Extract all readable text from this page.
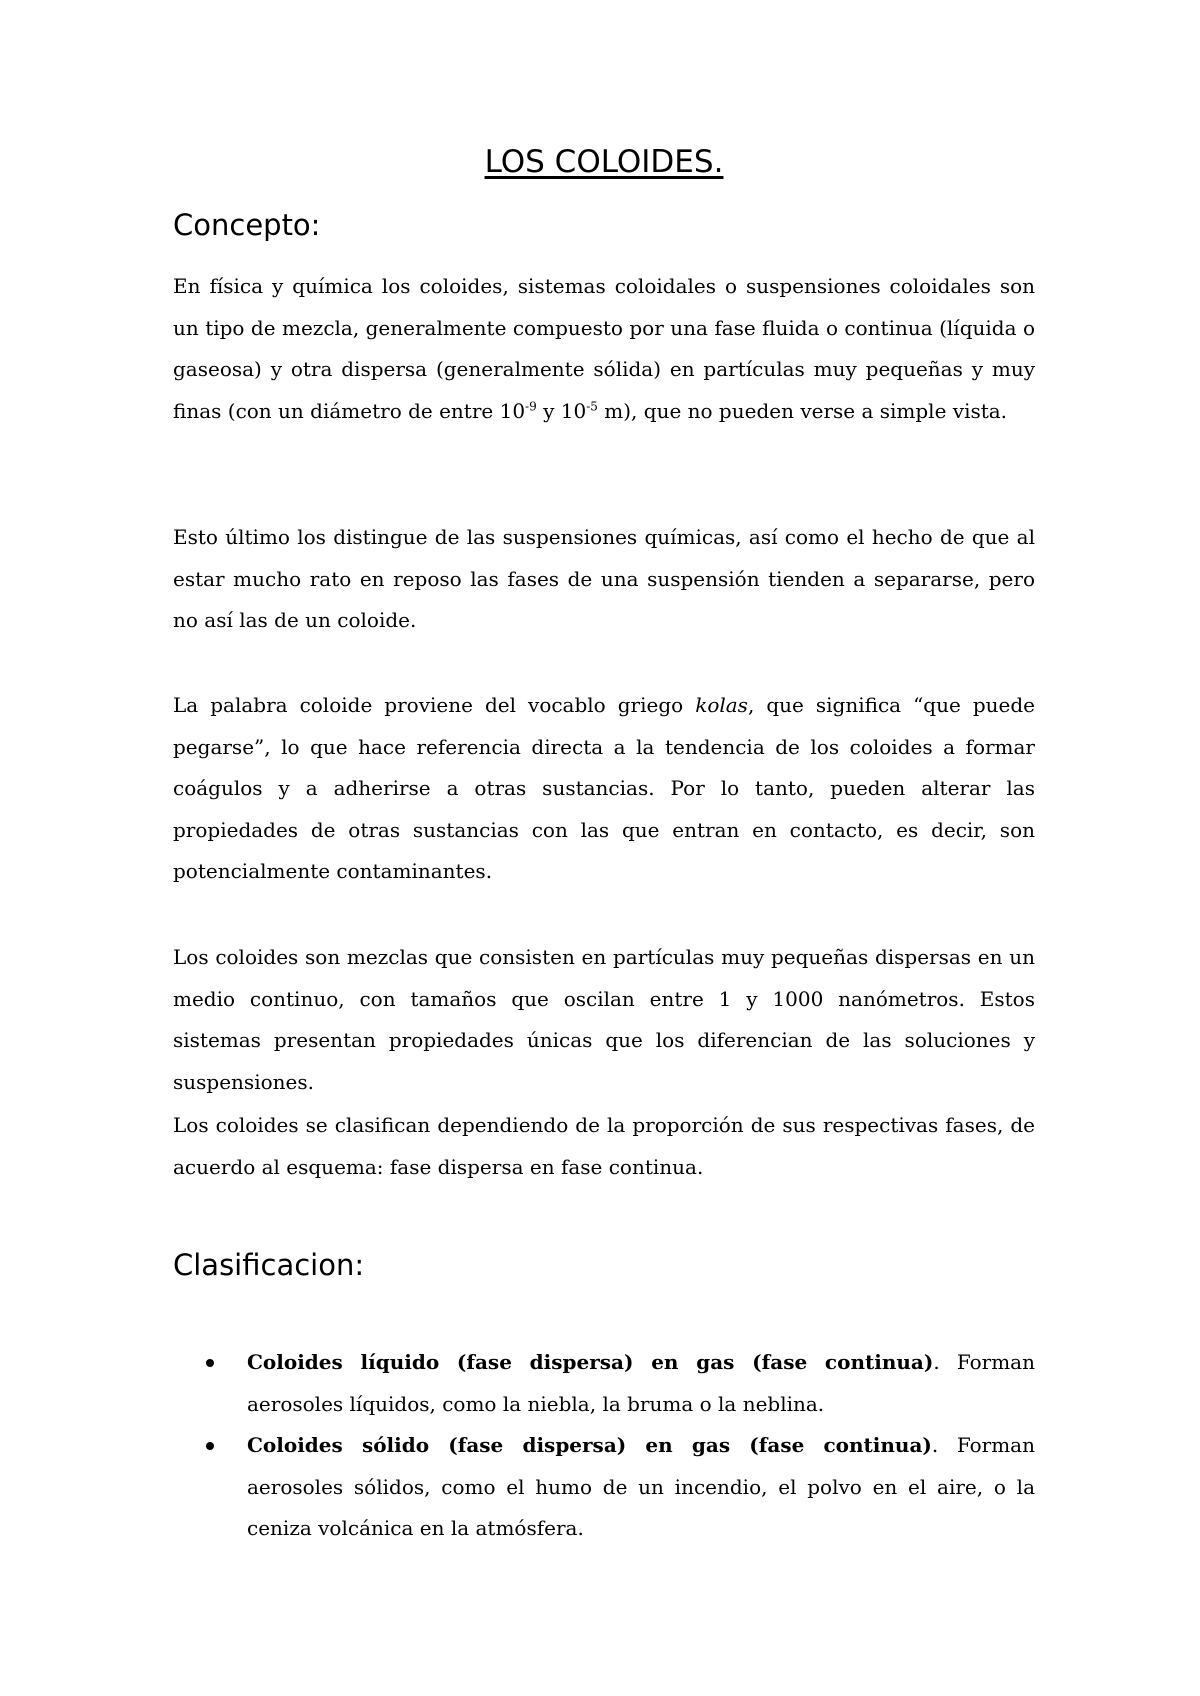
LOS COLOIDES.
Concepto:

En física y química los coloides, sistemas coloidales o suspensiones coloidales son un tipo de mezcla, generalmente compuesto por una fase fluida o continua (líquida o gaseosa) y otra dispersa (generalmente sólida) en partículas muy pequeñas y muy finas (con un diámetro de entre $10^{-9}$ y $10^{-5}$ m), que no pueden verse a simple vista.

Esto último los distingue de las suspensiones químicas, así como el hecho de que al estar mucho rato en reposo las fases de una suspensión tienden a separarse, pero no así las de un coloide.

La palabra coloide proviene del vocablo griego kolas, que significa “que puede pegarse”, lo que hace referencia directa a la tendencia de los coloides a formar coágulos y a adherirse a otras sustancias. Por lo tanto, pueden alterar las propiedades de otras sustancias con las que entran en contacto, es decir, son potencialmente contaminantes.

Los coloides son mezclas que consisten en partículas muy pequeñas dispersas en un medio continuo, con tamaños que oscilan entre 1 y 1000 nanómetros. Estos sistemas presentan propiedades únicas que los diferencian de las soluciones y suspensiones.

Los coloides se clasifican dependiendo de la proporción de sus respectivas fases, de acuerdo al esquema: fase dispersa en fase continua.

Clasificacion:
Coloides líquido (fase dispersa) en gas (fase continua). Forman aerosoles líquidos, como la niebla, la bruma o la neblina.
Coloides sólido (fase dispersa) en gas (fase continua). Forman aerosoles sólidos, como el humo de un incendio, el polvo en el aire, o la ceniza volcánica en la atmósfera.
